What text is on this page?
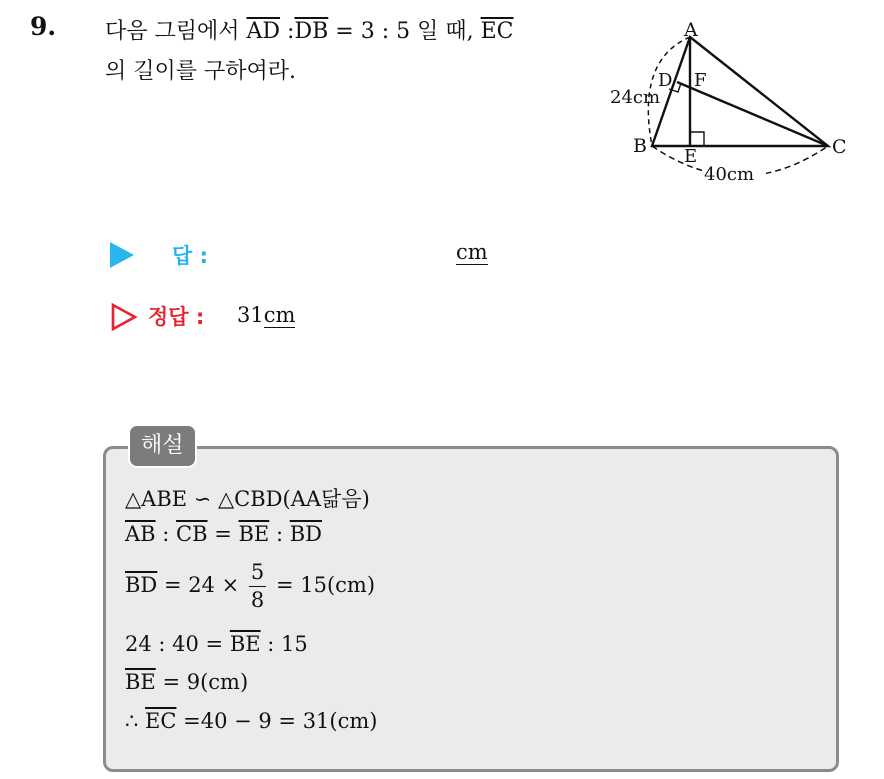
9. 다음 그림에서 $\overline{AD}$ $:\overline{DB} = 3$ : 5 일 때, $\overline{EC}$
의 길이를 구하여라.
A
B	C
D
E
F
24cm
40cm
답 :	cm
정답 : 31cm
해설
△ABE ∽ △CBD(AA닮음)
$\overline{AB}$ : $\overline{CB} = \overline{BE}$ : $\overline{BD}$
$\overline{BD} = 24 \times \frac{5}{8} = 15(cm)$
24 : $40 = \overline{BE}$ : 15
$\overline{BE} = 9(cm)$
∴ $\overline{EC} =40 - 9 = 31(cm)$
